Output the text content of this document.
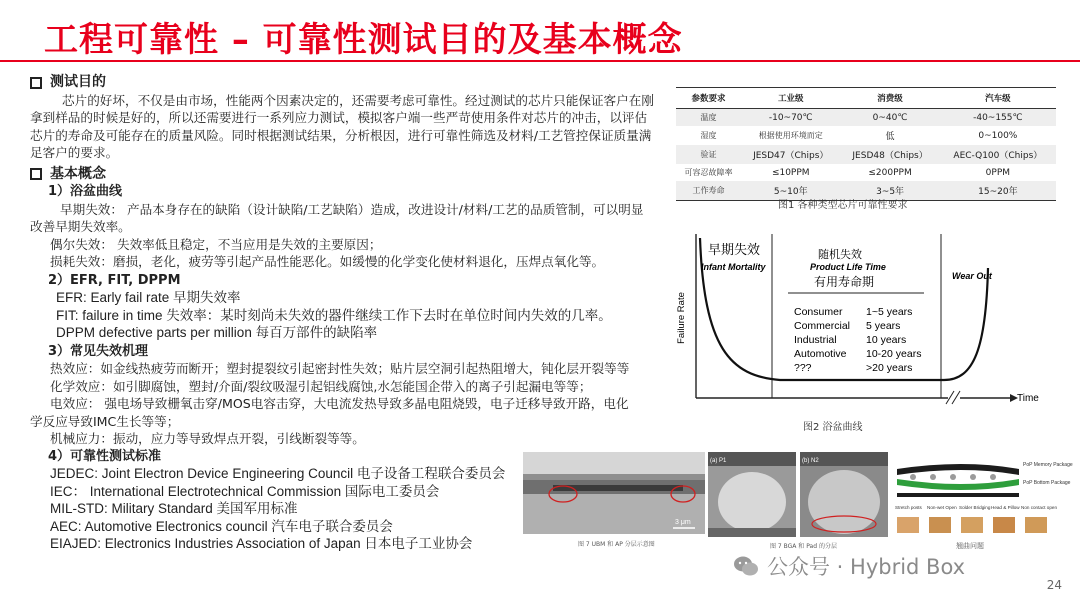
工程可靠性 – 可靠性测试目的及基本概念
测试目的
芯片的好坏，不仅是由市场，性能两个因素决定的，还需要考虑可靠性。经过测试的芯片只能保证客户在刚拿到样品的时候是好的，所以还需要进行一系列应力测试，模拟客户端一些严苛使用条件对芯片的冲击，以评估芯片的寿命及可能存在的质量风险。同时根据测试结果，分析根因，进行可靠性筛选及材料/工艺管控保证质量满足客户的要求。
基本概念
1）浴盆曲线
早期失效： 产品本身存在的缺陷（设计缺陷/工艺缺陷）造成，改进设计/材料/工艺的品质管制，可以明显改善早期失效率。
偶尔失效： 失效率低且稳定，不当应用是失效的主要原因；
损耗失效：磨损，老化，疲劳等引起产品性能恶化。如缓慢的化学变化使材料退化，压焊点氧化等。
2）EFR, FIT, DPPM
EFR: Early fail rate 早期失效率
FIT: failure in time 失效率：某时刻尚未失效的器件继续工作下去时在单位时间内失效的几率。
DPPM defective parts per million 每百万部件的缺陷率
3）常见失效机理
热效应：如金线热疲劳而断开；塑封提裂纹引起密封性失效；贴片层空洞引起热阻增大，钝化层开裂等等
化学效应：如引脚腐蚀，塑封/介面/裂纹吸湿引起铝线腐蚀,水怎能国企带入的离子引起漏电等等；
电效应： 强电场导致栅氧击穿/MOS电容击穿，大电流发热导致多晶电阻烧毁，电子迁移导致开路，电化
学反应导致IMC生长等等；
机械应力：振动，应力等导致焊点开裂，引线断裂等等。
4）可靠性测试标准
JEDEC: Joint Electron Device Engineering Council 电子设备工程联合委员会
IEC： International Electrotechnical Commission 国际电工委员会
MIL-STD: Military Standard 美国军用标准
AEC: Automotive Electronics council 汽车电子联合委员会
EIAJED: Electronics Industries Association of Japan 日本电子工业协会
参数要求	工业级	消费级	汽车级
温度	-10~70℃	0~40℃	-40~155℃
湿度	根据使用环境而定	低	0~100%
验证	JESD47（Chips）	JESD48（Chips）	AEC-Q100（Chips）
可容忍故障率	≤10PPM	≤200PPM	0PPM
工作寿命	5~10年	3~5年	15~20年
图1 各种类型芯片可靠性要求
Failure Rate
Time
早期失效
Infant Mortality
随机失效
Product Life Time
有用寿命期	Wear Out
Consumer 1~5 years
Commercial 5 years
Industrial	10 years
Automotive 10-20 years
???	>20 years
图2 浴盆曲线
3 μm
图 7 UBM 和 AP 分层示意图
(a) P1	(b) N2
图 7 BGA 和 Pad 的分层
PoP Memory Package
PoP Bottom Package
Stretch posts Non-wet Open Solder Bridging Head & Pillow Non contact open
翘曲问题
公众号 · Hybrid Box
24
